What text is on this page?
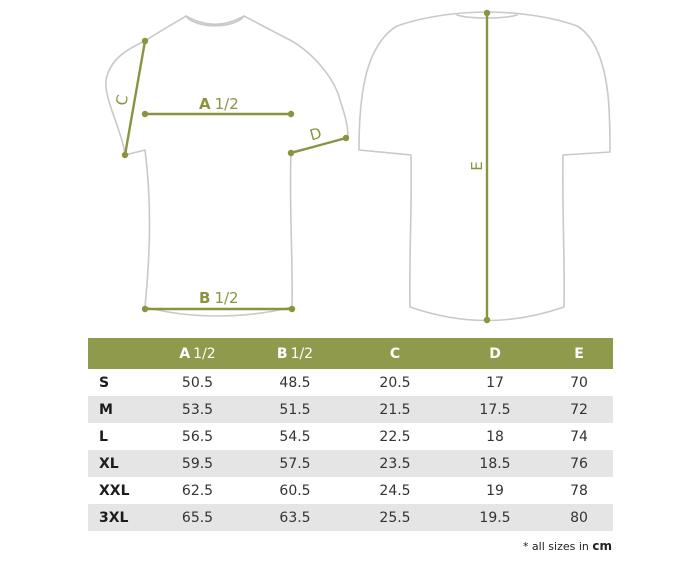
C	A 1/2
D
B 1/2
E
	A 1/2	B 1/2	C	D	E
S	50.5	48.5	20.5	17	70
M	53.5	51.5	21.5	17.5	72
L	56.5	54.5	22.5	18	74
XL	59.5	57.5	23.5	18.5	76
XXL	62.5	60.5	24.5	19	78
3XL	65.5	63.5	25.5	19.5	80
* all sizes in cm
